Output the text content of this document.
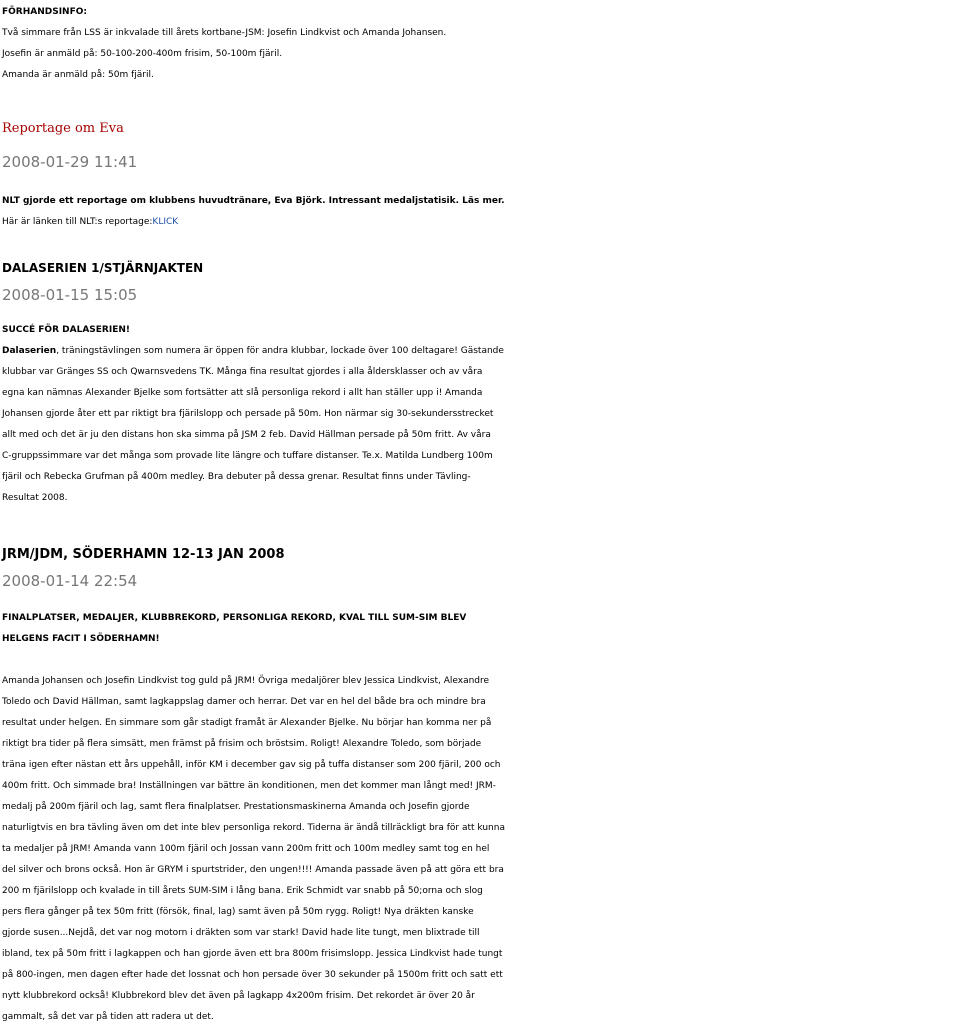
FÖRHANDSINFO:
Två simmare från LSS är inkvalade till årets kortbane-JSM: Josefin Lindkvist och Amanda Johansen.
Josefin är anmäld på: 50-100-200-400m frisim, 50-100m fjäril.
Amanda är anmäld på: 50m fjäril.
Reportage om Eva
2008-01-29 11:41
NLT gjorde ett reportage om klubbens huvudtränare, Eva Björk. Intressant medaljstatisik. Läs mer.
Här är länken till NLT:s reportage:KLICK
DALASERIEN 1/STJÄRNJAKTEN
2008-01-15 15:05
SUCCÉ FÖR DALASERIEN!
Dalaserien, träningstävlingen som numera är öppen för andra klubbar, lockade över 100 deltagare! Gästande
klubbar var Gränges SS och Qwarnsvedens TK. Många fina resultat gjordes i alla åldersklasser och av våra
egna kan nämnas Alexander Bjelke som fortsätter att slå personliga rekord i allt han ställer upp i! Amanda
Johansen gjorde åter ett par riktigt bra fjärilslopp och persade på 50m. Hon närmar sig 30-sekundersstrecket
allt med och det är ju den distans hon ska simma på JSM 2 feb. David Hällman persade på 50m fritt. Av våra
C-gruppssimmare var det många som provade lite längre och tuffare distanser. Te.x. Matilda Lundberg 100m
fjäril och Rebecka Grufman på 400m medley. Bra debuter på dessa grenar. Resultat finns under Tävling-
Resultat 2008.
JRM/JDM, SÖDERHAMN 12-13 JAN 2008
2008-01-14 22:54
FINALPLATSER, MEDALJER, KLUBBREKORD, PERSONLIGA REKORD, KVAL TILL SUM-SIM BLEV
HELGENS FACIT I SÖDERHAMN!
Amanda Johansen och Josefin Lindkvist tog guld på JRM! Övriga medaljörer blev Jessica Lindkvist, Alexandre
Toledo och David Hällman, samt lagkappslag damer och herrar. Det var en hel del både bra och mindre bra
resultat under helgen. En simmare som går stadigt framåt är Alexander Bjelke. Nu börjar han komma ner på
riktigt bra tider på flera simsätt, men främst på frisim och bröstsim. Roligt! Alexandre Toledo, som började
träna igen efter nästan ett års uppehåll, inför KM i december gav sig på tuffa distanser som 200 fjäril, 200 och
400m fritt. Och simmade bra! Inställningen var bättre än konditionen, men det kommer man långt med! JRM-
medalj på 200m fjäril och lag, samt flera finalplatser. Prestationsmaskinerna Amanda och Josefin gjorde
naturligtvis en bra tävling även om det inte blev personliga rekord. Tiderna är ändå tillräckligt bra för att kunna
ta medaljer på JRM! Amanda vann 100m fjäril och Jossan vann 200m fritt och 100m medley samt tog en hel
del silver och brons också. Hon är GRYM i spurtstrider, den ungen!!!! Amanda passade även på att göra ett bra
200 m fjärilslopp och kvalade in till årets SUM-SIM i lång bana. Erik Schmidt var snabb på 50;orna och slog
pers flera gånger på tex 50m fritt (försök, final, lag) samt även på 50m rygg. Roligt! Nya dräkten kanske
gjorde susen...Nejdå, det var nog motorn i dräkten som var stark! David hade lite tungt, men blixtrade till
ibland, tex på 50m fritt i lagkappen och han gjorde även ett bra 800m frisimslopp. Jessica Lindkvist hade tungt
på 800-ingen, men dagen efter hade det lossnat och hon persade över 30 sekunder på 1500m fritt och satt ett
nytt klubbrekord också! Klubbrekord blev det även på lagkapp 4x200m frisim. Det rekordet är över 20 år
gammalt, så det var på tiden att radera ut det.
